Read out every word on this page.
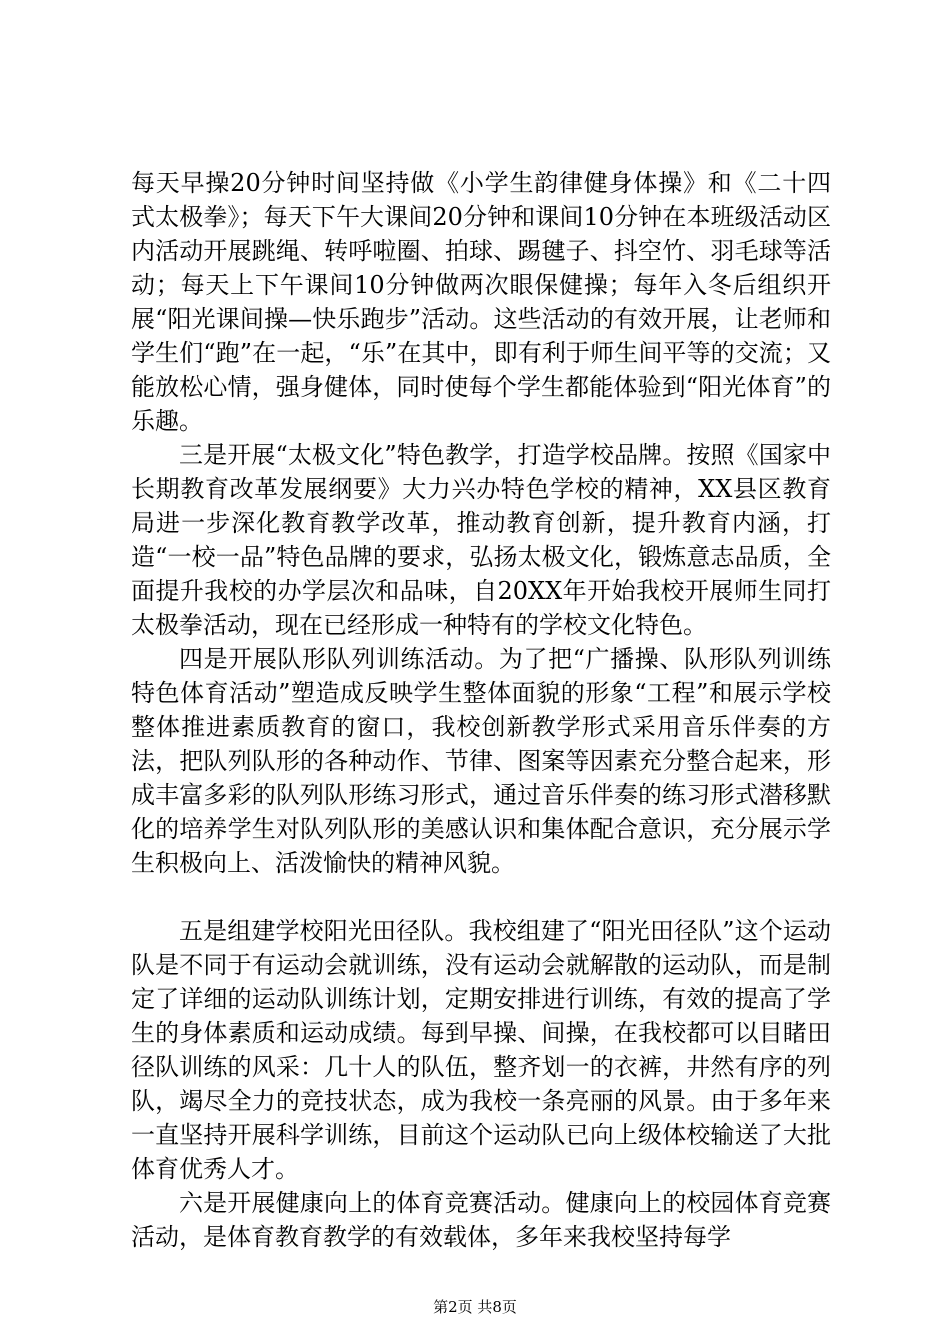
每天早操20分钟时间坚持做《小学生韵律健身体操》和《二十四式太极拳》；每天下午大课间20分钟和课间10分钟在本班级活动区内活动开展跳绳、转呼啦圈、拍球、踢毽子、抖空竹、羽毛球等活动；每天上下午课间10分钟做两次眼保健操；每年入冬后组织开展“阳光课间操—快乐跑步”活动。这些活动的有效开展，让老师和学生们“跑”在一起，“乐”在其中，即有利于师生间平等的交流；又能放松心情，强身健体，同时使每个学生都能体验到“阳光体育”的乐趣。

三是开展“太极文化”特色教学，打造学校品牌。按照《国家中长期教育改革发展纲要》大力兴办特色学校的精神，XX县区教育局进一步深化教育教学改革，推动教育创新，提升教育内涵，打造“一校一品”特色品牌的要求，弘扬太极文化，锻炼意志品质，全面提升我校的办学层次和品味，自20XX年开始我校开展师生同打太极拳活动，现在已经形成一种特有的学校文化特色。

四是开展队形队列训练活动。为了把“广播操、队形队列训练特色体育活动”塑造成反映学生整体面貌的形象“工程”和展示学校整体推进素质教育的窗口，我校创新教学形式采用音乐伴奏的方法，把队列队形的各种动作、节律、图案等因素充分整合起来，形成丰富多彩的队列队形练习形式，通过音乐伴奏的练习形式潜移默化的培养学生对队列队形的美感认识和集体配合意识，充分展示学生积极向上、活泼愉快的精神风貌。

五是组建学校阳光田径队。我校组建了“阳光田径队”这个运动队是不同于有运动会就训练，没有运动会就解散的运动队，而是制定了详细的运动队训练计划，定期安排进行训练，有效的提高了学生的身体素质和运动成绩。每到早操、间操，在我校都可以目睹田径队训练的风采：几十人的队伍，整齐划一的衣裤，井然有序的列队，竭尽全力的竞技状态，成为我校一条亮丽的风景。由于多年来一直坚持开展科学训练，目前这个运动队已向上级体校输送了大批体育优秀人才。

六是开展健康向上的体育竞赛活动。健康向上的校园体育竞赛活动，是体育教育教学的有效载体，多年来我校坚持每学

第2页 共8页
